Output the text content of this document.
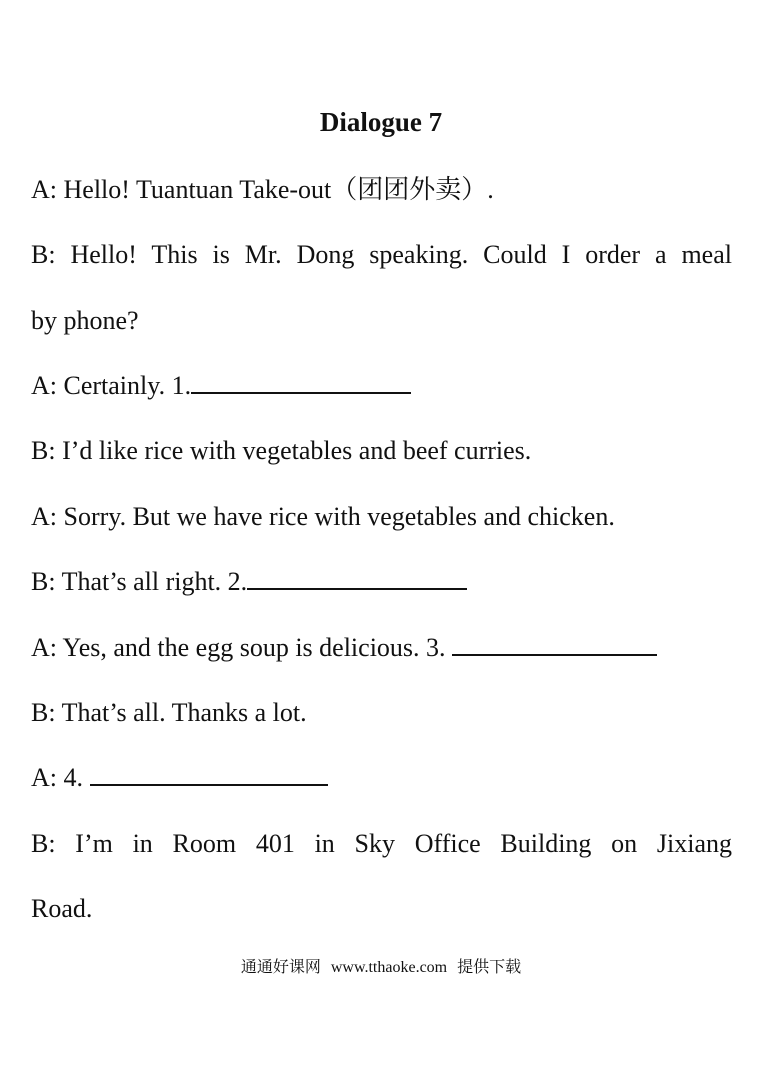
Dialogue 7

A: Hello! Tuantuan Take-out（团团外卖）.

B: Hello! This is Mr. Dong speaking. Could I order a meal

by phone?

A: Certainly. 1.

B: I’d like rice with vegetables and beef curries.

A: Sorry. But we have rice with vegetables and chicken.

B: That’s all right. 2.

A: Yes, and the egg soup is delicious. 3.

B: That’s all. Thanks a lot.

A: 4.

B: I’m in Room 401 in Sky Office Building on Jixiang

Road.

通通好课网 www.tthaoke.com 提供下载
